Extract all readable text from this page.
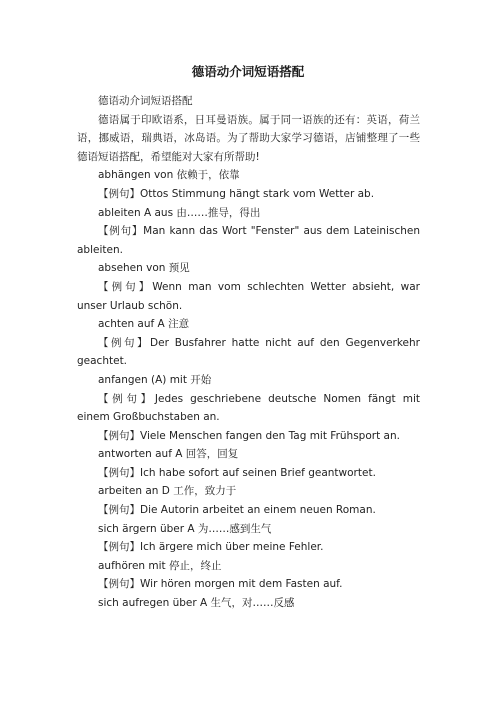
德语动介词短语搭配

德语动介词短语搭配

德语属于印欧语系，日耳曼语族。属于同一语族的还有：英语，荷兰语，挪威语，瑞典语，冰岛语。为了帮助大家学习德语，店铺整理了一些德语短语搭配，希望能对大家有所帮助!

abhängen von 依赖于，依靠

【例句】Ottos Stimmung hängt stark vom Wetter ab.

ableiten A aus 由……推导，得出

【例句】Man kann das Wort "Fenster" aus dem Lateinischen ableiten.

absehen von 预见

【例句】Wenn man vom schlechten Wetter absieht, war unser Urlaub schön.

achten auf A 注意

【例句】Der Busfahrer hatte nicht auf den Gegenverkehr geachtet.

anfangen (A) mit 开始

【例句】Jedes geschriebene deutsche Nomen fängt mit einem Großbuchstaben an.

【例句】Viele Menschen fangen den Tag mit Frühsport an.

antworten auf A 回答，回复

【例句】Ich habe sofort auf seinen Brief geantwortet.

arbeiten an D 工作，致力于

【例句】Die Autorin arbeitet an einem neuen Roman.

sich ärgern über A 为……感到生气

【例句】Ich ärgere mich über meine Fehler.

aufhören mit 停止，终止

【例句】Wir hören morgen mit dem Fasten auf.

sich aufregen über A 生气，对……反感
